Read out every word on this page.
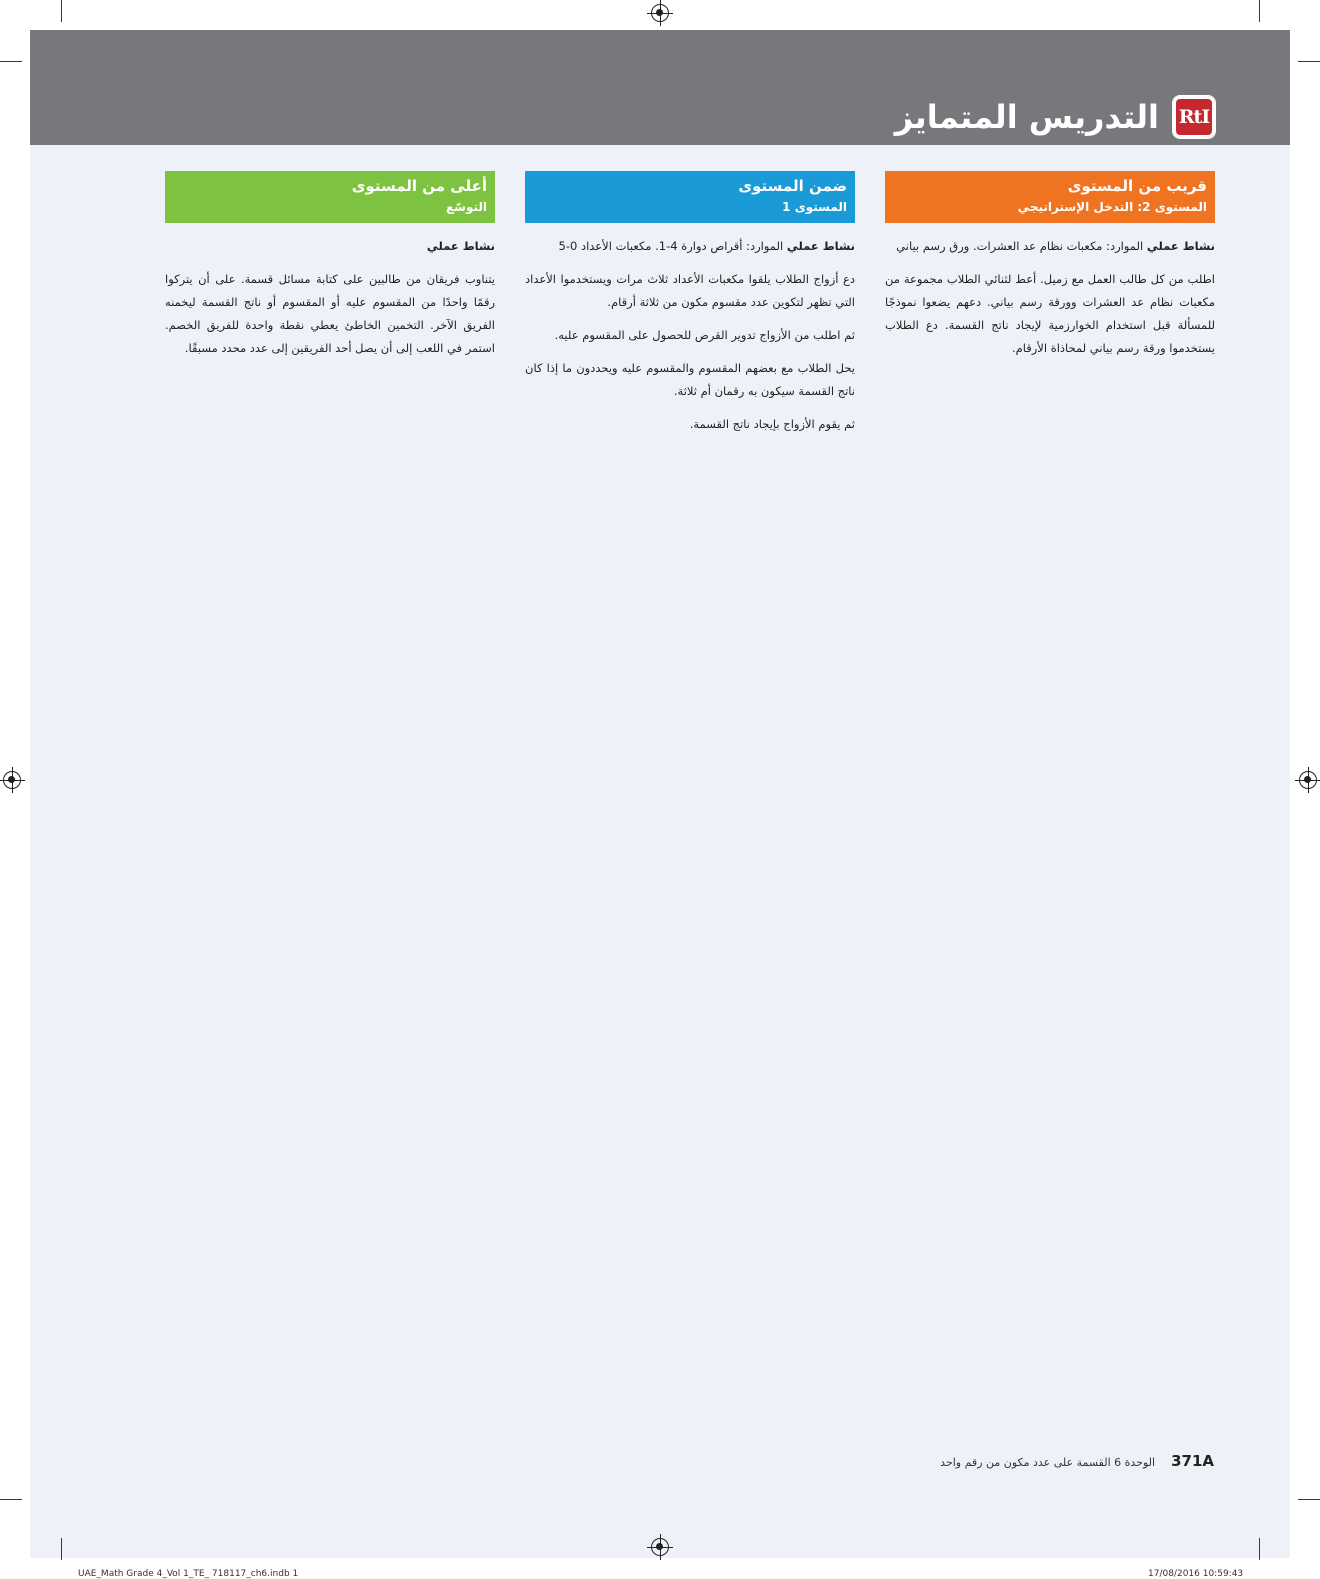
RtI
التدريس المتمايز
قريب من المستوى
المستوى 2: التدخل الإستراتيجي

نشاط عملي الموارد: مكعبات نظام عد العشرات. ورق رسم بياني

اطلب من كل طالب العمل مع زميل. أعط لثنائي الطلاب مجموعة من مكعبات نظام عد العشرات وورقة رسم بياني. دعهم يضعوا نموذجًا للمسألة قبل استخدام الخوارزمية لإيجاد ناتج القسمة. دع الطلاب يستخدموا ورقة رسم بياني لمحاذاة الأرقام.

ضمن المستوى
المستوى 1

نشاط عملي الموارد: أقراص دوارة 4-1. مكعبات الأعداد 0-5

دع أزواج الطلاب يلقوا مكعبات الأعداد ثلاث مرات ويستخدموا الأعداد التي تظهر لتكوين عدد مقسوم مكون من ثلاثة أرقام.

ثم اطلب من الأزواج تدوير القرص للحصول على المقسوم عليه.

يحل الطلاب مع بعضهم المقسوم والمقسوم عليه ويحددون ما إذا كان ناتج القسمة سيكون به رقمان أم ثلاثة.

ثم يقوم الأزواج بإيجاد ناتج القسمة.

أعلى من المستوى
التوسّع
نشاط عملي

يتناوب فريقان من طالبين على كتابة مسائل قسمة. على أن يتركوا رقمًا واحدًا من المقسوم عليه أو المقسوم أو ناتج القسمة ليخمنه الفريق الآخر. التخمين الخاطئ يعطي نقطة واحدة للفريق الخصم. استمر في اللعب إلى أن يصل أحد الفريقين إلى عدد محدد مسبقًا.

371A
الوحدة 6 القسمة على عدد مكون من رقم واحد
UAE_Math Grade 4_Vol 1_TE_ 718117_ch6.indb 1	17/08/2016 10:59:43
